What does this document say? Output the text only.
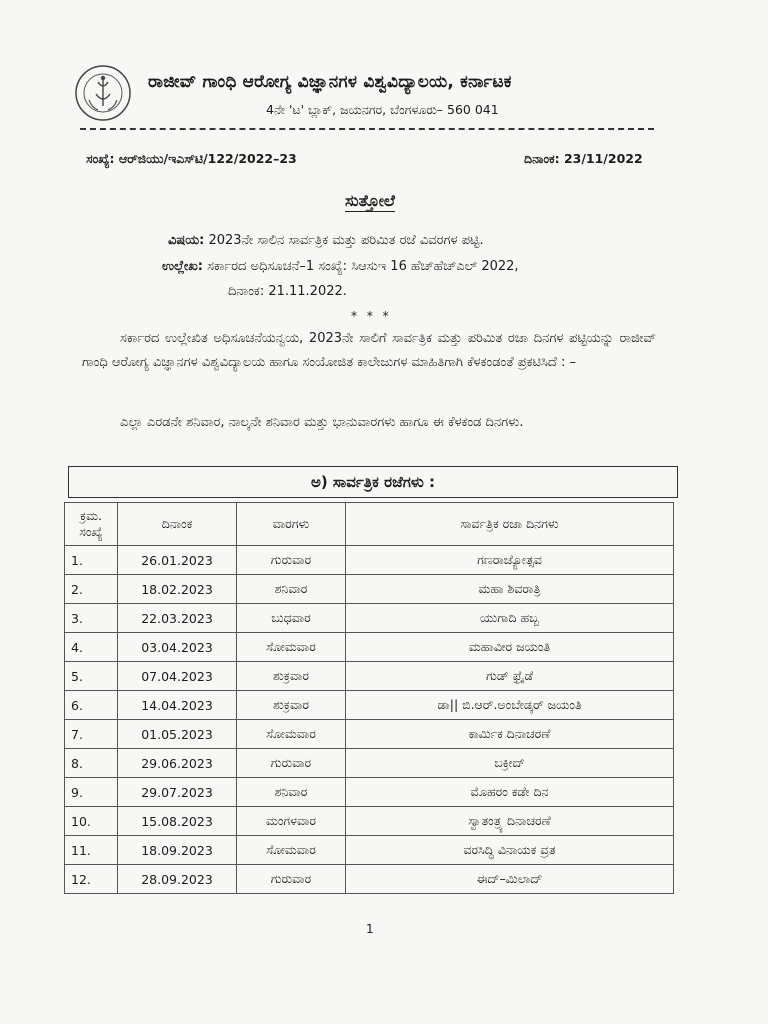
ರಾಜೀವ್ ಗಾಂಧಿ ಆರೋಗ್ಯ ವಿಜ್ಞಾನಗಳ ವಿಶ್ವವಿದ್ಯಾಲಯ, ಕರ್ನಾಟಕ
4ನೇ 'ಟ' ಬ್ಲಾಕ್, ಜಯನಗರ, ಬೆಂಗಳೂರು– 560 041
ಸಂಖ್ಯೆ: ಆರ್‌ಜಿಯು/ಇಎಸ್‌ಟಿ/122/2022–23	ದಿನಾಂಕ: 23/11/2022
ಸುತ್ತೋಲೆ
ವಿಷಯ: 2023ನೇ ಸಾಲಿನ ಸಾರ್ವತ್ರಿಕ ಮತ್ತು ಪರಿಮಿತ ರಜೆ ವಿವರಗಳ ಪಟ್ಟಿ.
ಉಲ್ಲೇಖ: ಸರ್ಕಾರದ ಅಧಿಸೂಚನೆ–1 ಸಂಖ್ಯೆ: ಸಿಆಸುಇ 16 ಹೆಚ್‌ಹೆಚ್‌ಎಲ್ 2022,
ದಿನಾಂಕ: 21.11.2022.
* * *
ಸರ್ಕಾರದ ಉಲ್ಲೇಖಿತ ಅಧಿಸೂಚನೆಯನ್ವಯ, 2023ನೇ ಸಾಲಿಗೆ ಸಾರ್ವತ್ರಿಕ ಮತ್ತು ಪರಿಮಿತ ರಜಾ ದಿನಗಳ ಪಟ್ಟಿಯನ್ನು ರಾಜೀವ್ ಗಾಂಧಿ ಆರೋಗ್ಯ ವಿಜ್ಞಾನಗಳ ವಿಶ್ವವಿದ್ಯಾಲಯ ಹಾಗೂ ಸಂಯೋಜಿತ ಕಾಲೇಜುಗಳ ಮಾಹಿತಿಗಾಗಿ ಕೆಳಕಂಡಂತೆ ಪ್ರಕಟಿಸಿದೆ : –
ಎಲ್ಲಾ ಎರಡನೇ ಶನಿವಾರ, ನಾಲ್ಕನೇ ಶನಿವಾರ ಮತ್ತು ಭಾನುವಾರಗಳು ಹಾಗೂ ಈ ಕೆಳಕಂಡ ದಿನಗಳು.
ಅ) ಸಾರ್ವತ್ರಿಕ ರಜೆಗಳು :
ಕ್ರಮ. ಸಂಖ್ಯೆ	ದಿನಾಂಕ	ವಾರಗಳು	ಸಾರ್ವತ್ರಿಕ ರಜಾ ದಿನಗಳು
1.	26.01.2023	ಗುರುವಾರ	ಗಣರಾಜ್ಯೋತ್ಸವ
2.	18.02.2023	ಶನಿವಾರ	ಮಹಾ ಶಿವರಾತ್ರಿ
3.	22.03.2023	ಬುಧವಾರ	ಯುಗಾದಿ ಹಬ್ಬ
4.	03.04.2023	ಸೋಮವಾರ	ಮಹಾವೀರ ಜಯಂತಿ
5.	07.04.2023	ಶುಕ್ರವಾರ	ಗುಡ್ ಫ್ರೈಡೆ
6.	14.04.2023	ಶುಕ್ರವಾರ	ಡಾ|| ಬಿ.ಆರ್.ಅಂಬೇಡ್ಕರ್ ಜಯಂತಿ
7.	01.05.2023	ಸೋಮವಾರ	ಕಾರ್ಮಿಕ ದಿನಾಚರಣೆ
8.	29.06.2023	ಗುರುವಾರ	ಬಕ್ರೀದ್
9.	29.07.2023	ಶನಿವಾರ	ಮೊಹರಂ ಕಡೇ ದಿನ
10.	15.08.2023	ಮಂಗಳವಾರ	ಸ್ವಾತಂತ್ರ್ಯ ದಿನಾಚರಣೆ
11.	18.09.2023	ಸೋಮವಾರ	ವರಸಿದ್ಧಿ ವಿನಾಯಕ ವ್ರತ
12.	28.09.2023	ಗುರುವಾರ	ಈದ್–ಮಿಲಾದ್
1
